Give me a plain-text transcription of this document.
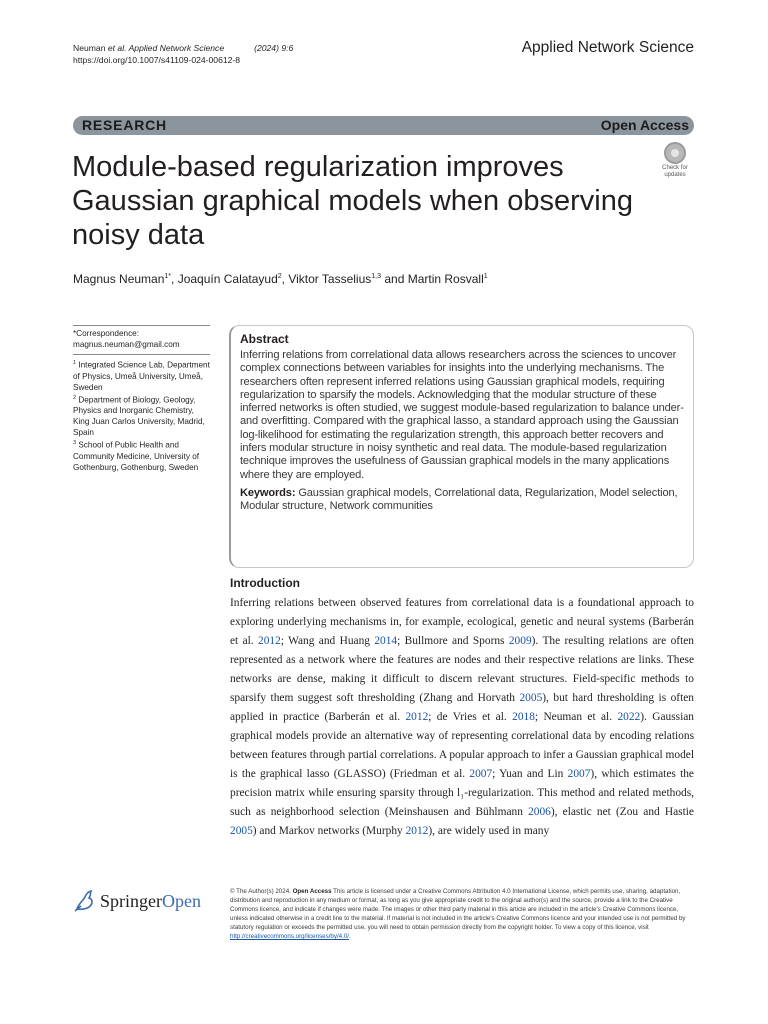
Neuman et al. Applied Network Science	(2024) 9:6
https://doi.org/10.1007/s41109-024-00612-8
Applied Network Science
RESEARCH	Open Access
Module-based regularization improves Gaussian graphical models when observing noisy data
Check for
updates
Magnus Neuman$^{1*}$, Joaquín Calatayud$^2$, Viktor Tasselius$^{1,3}$ and Martin Rosvall$^1$
*Correspondence:
magnus.neuman@gmail.com
$^1$ Integrated Science Lab, Department of Physics, Umeå University, Umeå, Sweden
$^2$ Department of Biology, Geology, Physics and Inorganic Chemistry, King Juan Carlos University, Madrid, Spain
$^3$ School of Public Health and Community Medicine, University of Gothenburg, Gothenburg, Sweden
Abstract
Inferring relations from correlational data allows researchers across the sciences to uncover complex connections between variables for insights into the underlying mechanisms. The researchers often represent inferred relations using Gaussian graphical models, requiring regularization to sparsify the models. Acknowledging that the modular structure of these inferred networks is often studied, we suggest module-based regularization to balance under- and overfitting. Compared with the graphical lasso, a standard approach using the Gaussian log-likelihood for estimating the regularization strength, this approach better recovers and infers modular structure in noisy synthetic and real data. The module-based regularization technique improves the usefulness of Gaussian graphical models in the many applications where they are employed.
Keywords: Gaussian graphical models, Correlational data, Regularization, Model selection, Modular structure, Network communities
Introduction
Inferring relations between observed features from correlational data is a foundational approach to exploring underlying mechanisms in, for example, ecological, genetic and neural systems (Barberán et al. 2012; Wang and Huang 2014; Bullmore and Sporns 2009). The resulting relations are often represented as a network where the features are nodes and their respective relations are links. These networks are dense, making it difficult to discern relevant structures. Field-specific methods to sparsify them suggest soft thresholding (Zhang and Horvath 2005), but hard thresholding is often applied in practice (Barberán et al. 2012; de Vries et al. 2018; Neuman et al. 2022). Gaussian graphical models provide an alternative way of representing correlational data by encoding relations between features through partial correlations. A popular approach to infer a Gaussian graphical model is the graphical lasso (GLASSO) (Friedman et al. 2007; Yuan and Lin 2007), which estimates the precision matrix while ensuring sparsity through l₁-regularization. This method and related methods, such as neighborhood selection (Meinshausen and Bühlmann 2006), elastic net (Zou and Hastie 2005) and Markov networks (Murphy 2012), are widely used in many
SpringerOpen	© The Author(s) 2024. Open Access This article is licensed under a Creative Commons Attribution 4.0 International License, which permits use, sharing, adaptation, distribution and reproduction in any medium or format, as long as you give appropriate credit to the original author(s) and the source, provide a link to the Creative Commons licence, and indicate if changes were made. The images or other third party material in this article are included in the article's Creative Commons licence, unless indicated otherwise in a credit line to the material. If material is not included in the article's Creative Commons licence and your intended use is not permitted by statutory regulation or exceeds the permitted use, you will need to obtain permission directly from the copyright holder. To view a copy of this licence, visit http://creativecommons.org/licenses/by/4.0/.
